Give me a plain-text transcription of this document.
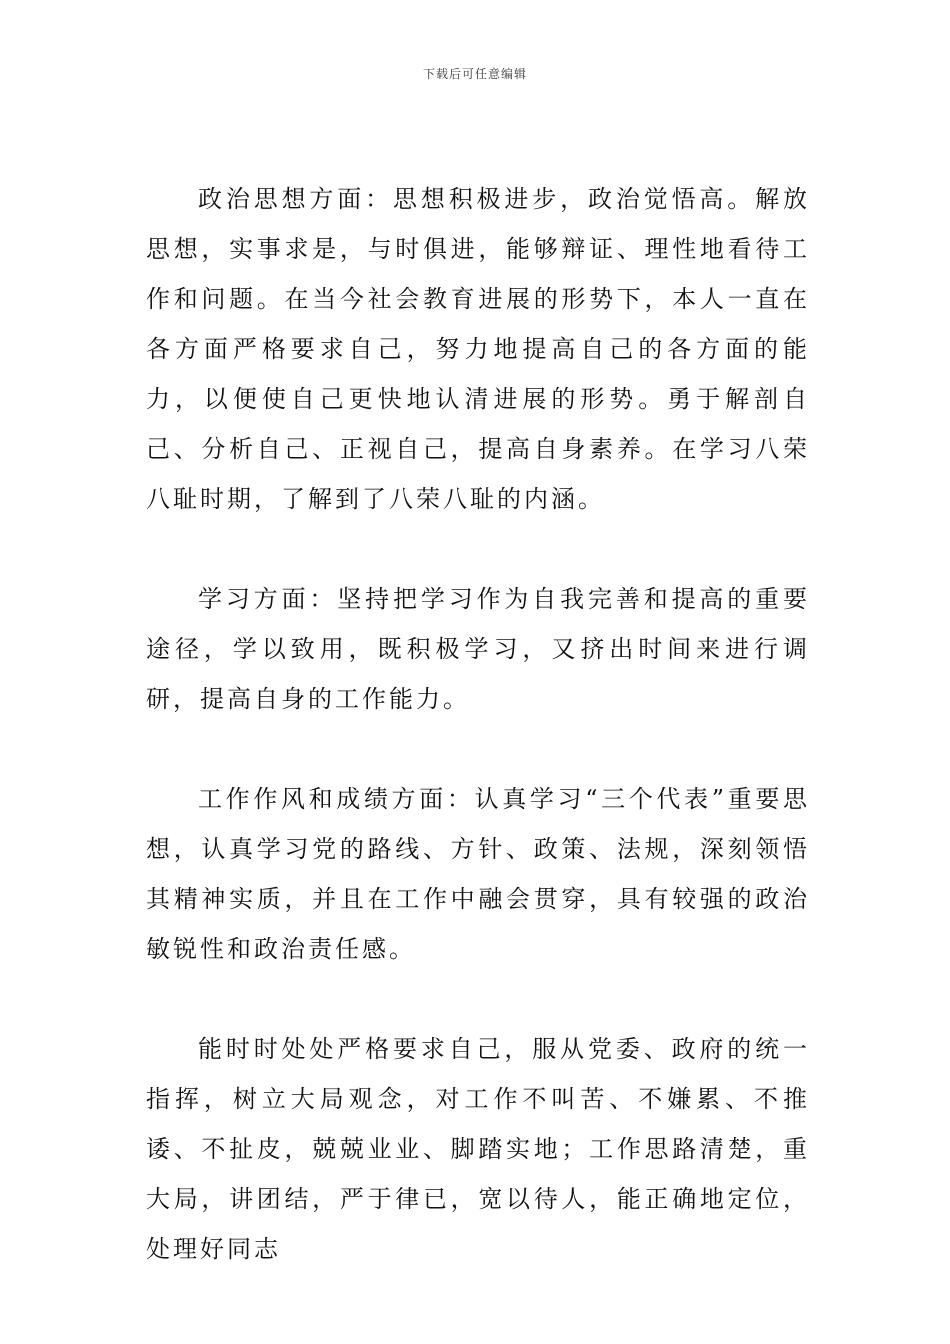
下载后可任意编辑

政治思想方面：思想积极进步，政治觉悟高。解放思想，实事求是，与时俱进，能够辩证、理性地看待工作和问题。在当今社会教育进展的形势下，本人一直在各方面严格要求自己，努力地提高自己的各方面的能力，以便使自己更快地认清进展的形势。勇于解剖自己、分析自己、正视自己，提高自身素养。在学习八荣八耻时期，了解到了八荣八耻的内涵。

学习方面：坚持把学习作为自我完善和提高的重要途径，学以致用，既积极学习，又挤出时间来进行调研，提高自身的工作能力。

工作作风和成绩方面：认真学习“三个代表”重要思想，认真学习党的路线、方针、政策、法规，深刻领悟其精神实质，并且在工作中融会贯穿，具有较强的政治敏锐性和政治责任感。

能时时处处严格要求自己，服从党委、政府的统一指挥，树立大局观念，对工作不叫苦、不嫌累、不推诿、不扯皮，兢兢业业、脚踏实地；工作思路清楚，重大局，讲团结，严于律已，宽以待人，能正确地定位，处理好同志
